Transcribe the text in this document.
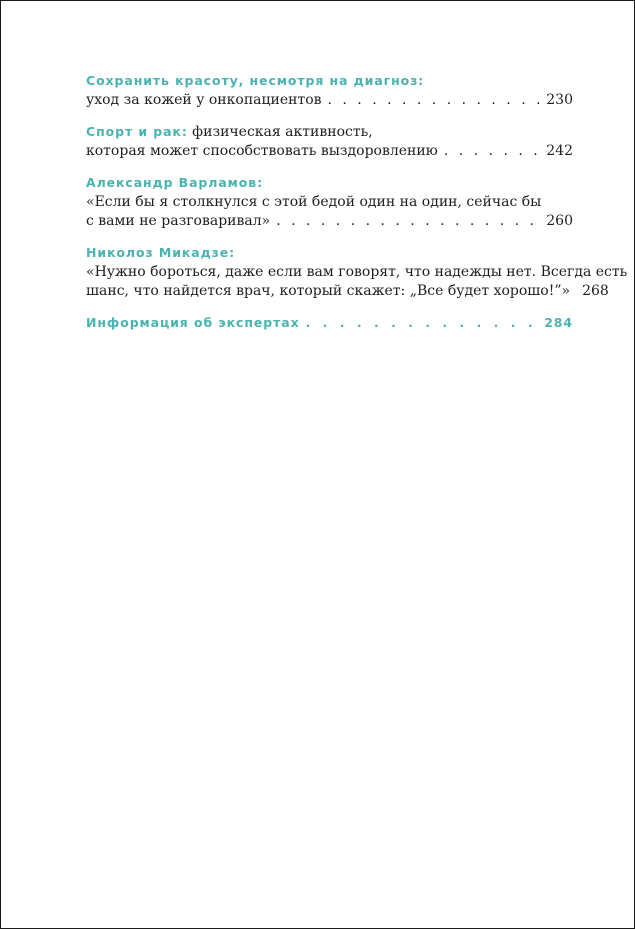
Сохранить красоту, несмотря на диагноз:
уход за кожей у онкопациентов . . .	230
Спорт и рак: физическая активность,
которая может способствовать выздоровлению . . .	242
Александр Варламов:
«Если бы я столкнулся с этой бедой один на один, сейчас бы
с вами не разговаривал» . . .	260
Николоз Микадзе:
«Нужно бороться, даже если вам говорят, что надежды нет. Всегда есть
шанс, что найдется врач, который скажет: „Все будет хорошо!”» 268
Информация об экспертах . . .	284
